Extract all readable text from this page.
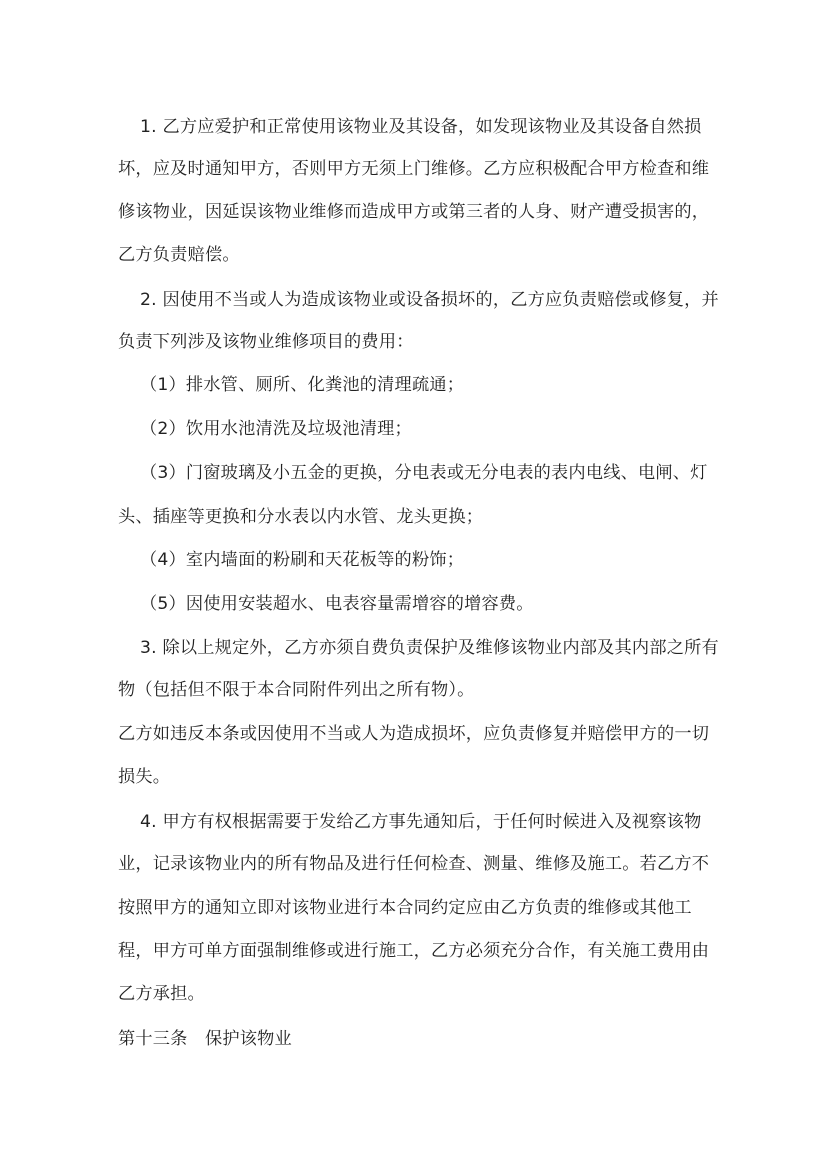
1. 乙方应爱护和正常使用该物业及其设备，如发现该物业及其设备自然损
坏，应及时通知甲方，否则甲方无须上门维修。乙方应积极配合甲方检查和维
修该物业，因延误该物业维修而造成甲方或第三者的人身、财产遭受损害的，
乙方负责赔偿。
2. 因使用不当或人为造成该物业或设备损坏的，乙方应负责赔偿或修复，并
负责下列涉及该物业维修项目的费用：
（1）排水管、厕所、化粪池的清理疏通；
（2）饮用水池清洗及垃圾池清理；
（3）门窗玻璃及小五金的更换，分电表或无分电表的表内电线、电闸、灯
头、插座等更换和分水表以内水管、龙头更换；
（4）室内墙面的粉刷和天花板等的粉饰；
（5）因使用安装超水、电表容量需增容的增容费。
3. 除以上规定外，乙方亦须自费负责保护及维修该物业内部及其内部之所有
物（包括但不限于本合同附件列出之所有物）。
乙方如违反本条或因使用不当或人为造成损坏，应负责修复并赔偿甲方的一切
损失。
4. 甲方有权根据需要于发给乙方事先通知后，于任何时候进入及视察该物
业，记录该物业内的所有物品及进行任何检查、测量、维修及施工。若乙方不
按照甲方的通知立即对该物业进行本合同约定应由乙方负责的维修或其他工
程，甲方可单方面强制维修或进行施工，乙方必须充分合作，有关施工费用由
乙方承担。
第十三条　保护该物业
